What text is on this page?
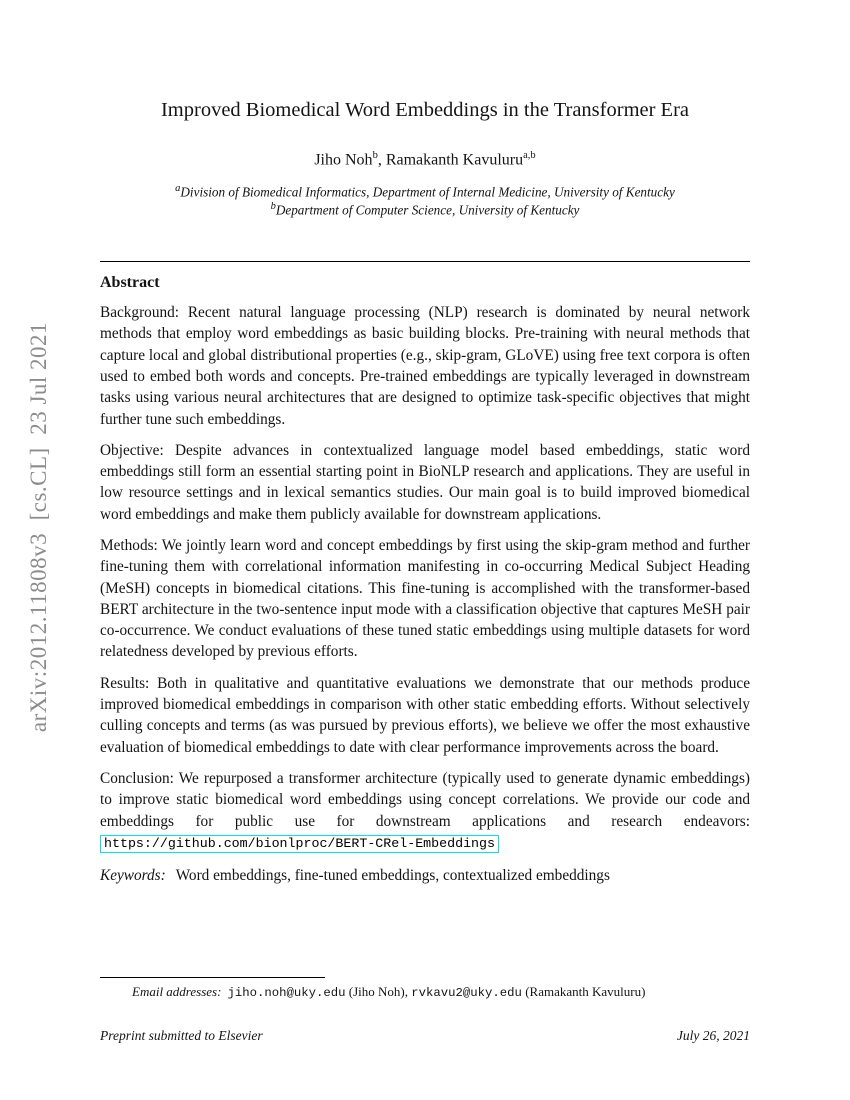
arXiv:2012.11808v3  [cs.CL]  23 Jul 2021
Improved Biomedical Word Embeddings in the Transformer Era
Jiho Noh$^b$, Ramakanth Kavuluru$^{a,b}$
$^a$Division of Biomedical Informatics, Department of Internal Medicine, University of Kentucky
$^b$Department of Computer Science, University of Kentucky
Abstract

Background: Recent natural language processing (NLP) research is dominated by neural network methods that employ word embeddings as basic building blocks. Pre-training with neural methods that capture local and global distributional properties (e.g., skip-gram, GLoVE) using free text corpora is often used to embed both words and concepts. Pre-trained embeddings are typically leveraged in downstream tasks using various neural architectures that are designed to optimize task-specific objectives that might further tune such embeddings.

Objective: Despite advances in contextualized language model based embeddings, static word embeddings still form an essential starting point in BioNLP research and applications. They are useful in low resource settings and in lexical semantics studies. Our main goal is to build improved biomedical word embeddings and make them publicly available for downstream applications.

Methods: We jointly learn word and concept embeddings by first using the skip-gram method and further fine-tuning them with correlational information manifesting in co-occurring Medical Subject Heading (MeSH) concepts in biomedical citations. This fine-tuning is accomplished with the transformer-based BERT architecture in the two-sentence input mode with a classification objective that captures MeSH pair co-occurrence. We conduct evaluations of these tuned static embeddings using multiple datasets for word relatedness developed by previous efforts.

Results: Both in qualitative and quantitative evaluations we demonstrate that our methods produce improved biomedical embeddings in comparison with other static embedding efforts. Without selectively culling concepts and terms (as was pursued by previous efforts), we believe we offer the most exhaustive evaluation of biomedical embeddings to date with clear performance improvements across the board.

Conclusion: We repurposed a transformer architecture (typically used to generate dynamic embeddings) to improve static biomedical word embeddings using concept correlations. We provide our code and embeddings for public use for downstream applications and research endeavors: https://github.com/bionlproc/BERT-CRel-Embeddings

Keywords: Word embeddings, fine-tuned embeddings, contextualized embeddings
Email addresses: jiho.noh@uky.edu (Jiho Noh), rvkavu2@uky.edu (Ramakanth Kavuluru)
Preprint submitted to Elsevier	July 26, 2021
